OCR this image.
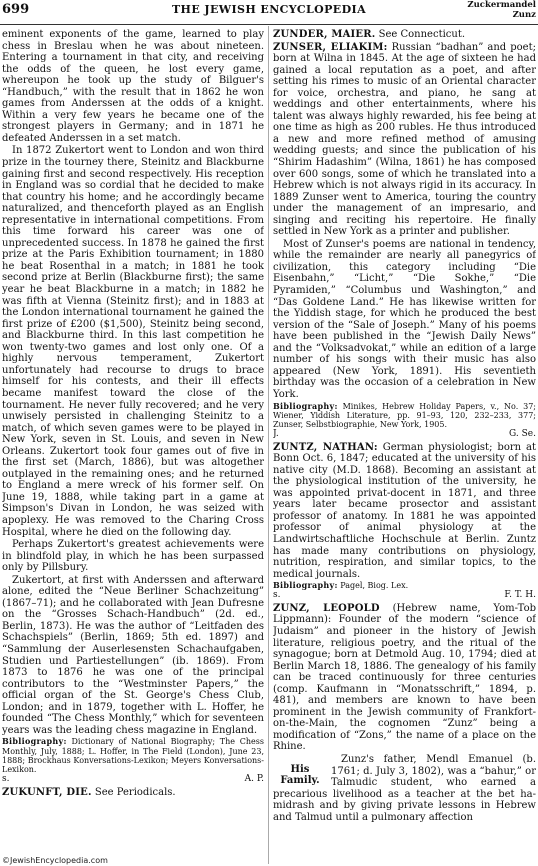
699	THE JEWISH ENCYCLOPEDIA	Zuckermandel
Zunz

eminent exponents of the game, learned to play chess in Breslau when he was about nineteen. Entering a tournament in that city, and receiving the odds of the queen, he lost every game, whereupon he took up the study of Bilguer's “Handbuch,” with the result that in 1862 he won games from Anderssen at the odds of a knight. Within a very few years he became one of the strongest players in Germany; and in 1871 he defeated Anderssen in a set match.

In 1872 Zukertort went to London and won third prize in the tourney there, Steinitz and Blackburne gaining first and second respectively. His reception in England was so cordial that he decided to make that country his home; and he accordingly became naturalized, and thenceforth played as an English representative in international competitions. From this time forward his career was one of unprecedented success. In 1878 he gained the first prize at the Paris Exhibition tournament; in 1880 he beat Rosenthal in a match; in 1881 he took second prize at Berlin (Blackburne first); the same year he beat Blackburne in a match; in 1882 he was fifth at Vienna (Steinitz first); and in 1883 at the London international tournament he gained the first prize of £200 ($1,500), Steinitz being second, and Blackburne third. In this last competition he won twenty-two games and lost only one. Of a highly nervous temperament, Zukertort unfortunately had recourse to drugs to brace himself for his contests, and their ill effects became manifest toward the close of the tournament. He never fully recovered; and he very unwisely persisted in challenging Steinitz to a match, of which seven games were to be played in New York, seven in St. Louis, and seven in New Orleans. Zukertort took four games out of five in the first set (March, 1886), but was altogether outplayed in the remaining ones; and he returned to England a mere wreck of his former self. On June 19, 1888, while taking part in a game at Simpson's Divan in London, he was seized with apoplexy. He was removed to the Charing Cross Hospital, where he died on the following day.

Perhaps Zukertort's greatest achievements were in blindfold play, in which he has been surpassed only by Pillsbury.

Zukertort, at first with Anderssen and afterward alone, edited the “Neue Berliner Schachzeitung” (1867–71); and he collaborated with Jean Dufresne on the “Grosses Schach-Handbuch” (2d. ed., Berlin, 1873). He was the author of “Leitfaden des Schachspiels” (Berlin, 1869; 5th ed. 1897) and “Sammlung der Auserlesensten Schachaufgaben, Studien und Partiestellungen” (ib. 1869). From 1873 to 1876 he was one of the principal contributors to the “Westminster Papers,” the official organ of the St. George's Chess Club, London; and in 1879, together with L. Hoffer, he founded “The Chess Monthly,” which for seventeen years was the leading chess magazine in England.

Bibliography: Dictionary of National Biography; The Chess Monthly, July, 1888; L. Hoffer, in The Field (London), June 23, 1888; Brockhaus Konversations-Lexikon; Meyers Konversations-Lexikon.

s.	A. P.

ZUKUNFT, DIE. See Periodicals.

ZUNDER, MAIER. See Connecticut.

ZUNSER, ELIAKIM: Russian “badhan” and poet; born at Wilna in 1845. At the age of sixteen he had gained a local reputation as a poet, and after setting his rimes to music of an Oriental character for voice, orchestra, and piano, he sang at weddings and other entertainments, where his talent was always highly rewarded, his fee being at one time as high as 200 rubles. He thus introduced a new and more refined method of amusing wedding guests; and since the publication of his “Shirim Hadashim” (Wilna, 1861) he has composed over 600 songs, some of which he translated into a Hebrew which is not always rigid in its accuracy. In 1889 Zunser went to America, touring the country under the management of an impresario, and singing and reciting his repertoire. He finally settled in New York as a printer and publisher.

Most of Zunser's poems are national in tendency, while the remainder are nearly all panegyrics of civilization, this category including “Die Eisenbahn,” “Licht,” “Die Sokhe,” “Die Pyramiden,” “Columbus und Washington,” and “Das Goldene Land.” He has likewise written for the Yiddish stage, for which he produced the best version of the “Sale of Joseph.” Many of his poems have been published in the “Jewish Daily News” and the “Volksadvokat,” while an edition of a large number of his songs with their music has also appeared (New York, 1891). His seventieth birthday was the occasion of a celebration in New York.

Bibliography: Minikes, Hebrew Holiday Papers, v., No. 37; Wiener, Yiddish Literature, pp. 91–93, 120, 232–233, 377; Zunser, Selbstbiographie, New York, 1905.

J.	G. Se.

ZUNTZ, NATHAN: German physiologist; born at Bonn Oct. 6, 1847; educated at the university of his native city (M.D. 1868). Becoming an assistant at the physiological institution of the university, he was appointed privat-docent in 1871, and three years later became prosector and assistant professor of anatomy. In 1881 he was appointed professor of animal physiology at the Landwirtschaftliche Hochschule at Berlin. Zuntz has made many contributions on physiology, nutrition, respiration, and similar topics, to the medical journals.

Bibliography: Pagel, Biog. Lex.

s.	F. T. H.

ZUNZ, LEOPOLD (Hebrew name, Yom-Tob Lippmann): Founder of the modern “science of Judaism” and pioneer in the history of Jewish literature, religious poetry, and the ritual of the synagogue; born at Detmold Aug. 10, 1794; died at Berlin March 18, 1886. The genealogy of his family can be traced continuously for three centuries (comp. Kaufmann in “Monatsschrift,” 1894, p. 481), and members are known to have been prominent in the Jewish community of Frankfort-on-the-Main, the cognomen “Zunz” being a modification of “Zons,” the name of a place on the Rhine.

His Family.

Zunz's father, Mendl Emanuel (b. 1761; d. July 3, 1802), was a “bahur,” or Talmudic student, who earned a precarious livelihood as a teacher at the bet ha-midrash and by giving private lessons in Hebrew and Talmud until a pulmonary affection

©JewishEncyclopedia.com
